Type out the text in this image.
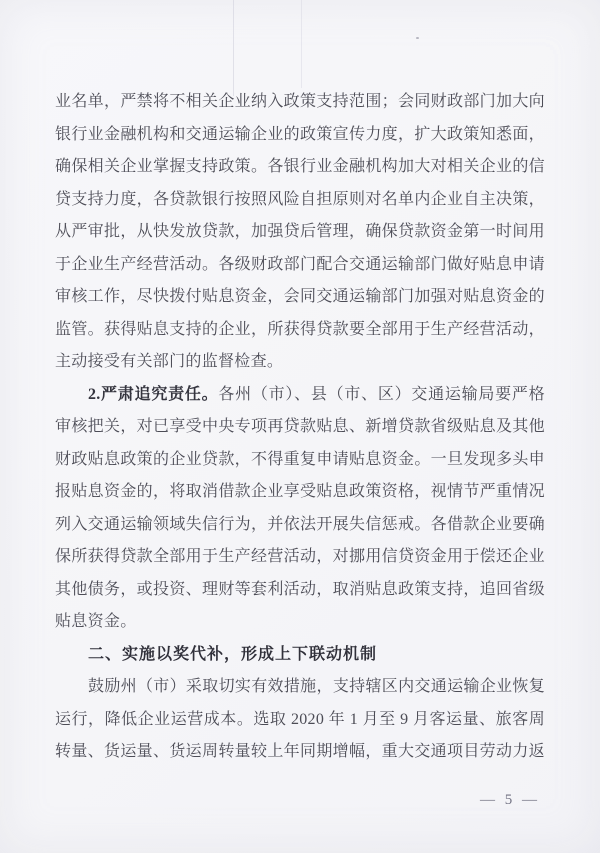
业名单，严禁将不相关企业纳入政策支持范围；会同财政部门加大向
银行业金融机构和交通运输企业的政策宣传力度，扩大政策知悉面，
确保相关企业掌握支持政策。各银行业金融机构加大对相关企业的信
贷支持力度，各贷款银行按照风险自担原则对名单内企业自主决策，
从严审批，从快发放贷款，加强贷后管理，确保贷款资金第一时间用
于企业生产经营活动。各级财政部门配合交通运输部门做好贴息申请
审核工作，尽快拨付贴息资金，会同交通运输部门加强对贴息资金的
监管。获得贴息支持的企业，所获得贷款要全部用于生产经营活动，
主动接受有关部门的监督检查。
2.严肃追究责任。各州（市）、县（市、区）交通运输局要严格
审核把关，对已享受中央专项再贷款贴息、新增贷款省级贴息及其他
财政贴息政策的企业贷款，不得重复申请贴息资金。一旦发现多头申
报贴息资金的，将取消借款企业享受贴息政策资格，视情节严重情况
列入交通运输领域失信行为，并依法开展失信惩戒。各借款企业要确
保所获得贷款全部用于生产经营活动，对挪用信贷资金用于偿还企业
其他债务，或投资、理财等套利活动，取消贴息政策支持，追回省级
贴息资金。
二、实施以奖代补，形成上下联动机制
鼓励州（市）采取切实有效措施，支持辖区内交通运输企业恢复
运行，降低企业运营成本。选取 2020 年 1 月至 9 月客运量、旅客周
转量、货运量、货运周转量较上年同期增幅，重大交通项目劳动力返
— 5 —
